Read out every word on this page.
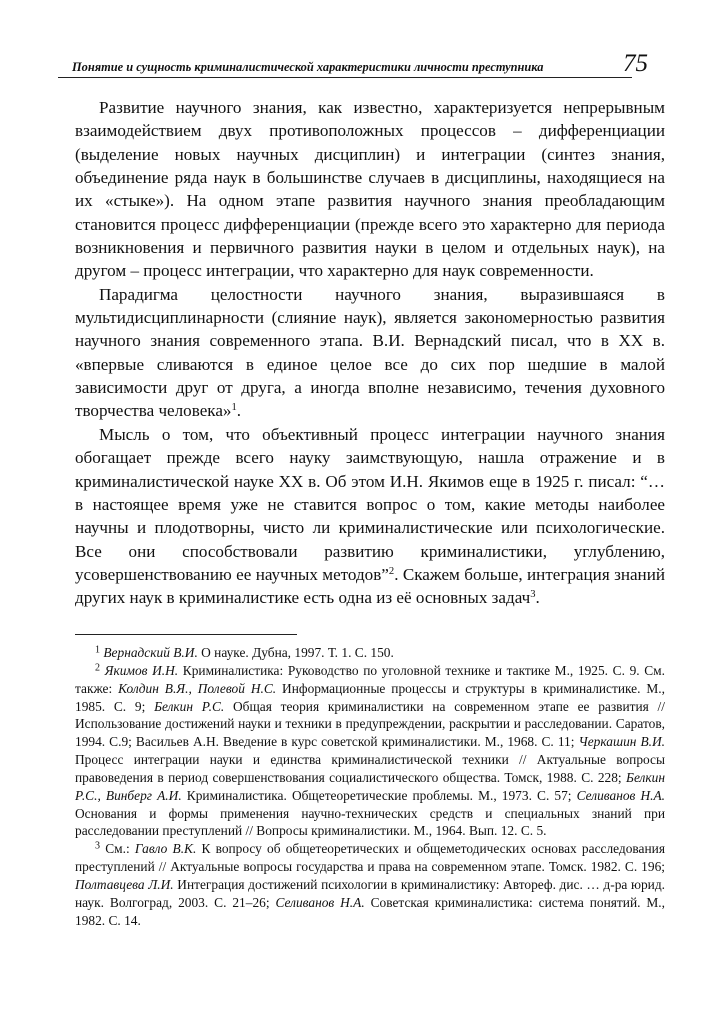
Понятие и сущность криминалистической характеристики личности преступника	75

Развитие научного знания, как известно, характеризуется непрерывным взаимодействием двух противоположных процессов – дифференциации (выделение новых научных дисциплин) и интеграции (синтез знания, объединение ряда наук в большинстве случаев в дисциплины, находящиеся на их «стыке»). На одном этапе развития научного знания преобладающим становится процесс дифференциации (прежде всего это характерно для периода возникновения и первичного развития науки в целом и отдельных наук), на другом – процесс интеграции, что характерно для наук современности.

Парадигма целостности научного знания, выразившаяся в мультидисциплинарности (слияние наук), является закономерностью развития научного знания современного этапа. В.И. Вернадский писал, что в XX в. «впервые сливаются в единое целое все до сих пор шедшие в малой зависимости друг от друга, а иногда вполне независимо, течения духовного творчества человека»$^1$.

Мысль о том, что объективный процесс интеграции научного знания обогащает прежде всего науку заимствующую, нашла отражение и в криминалистической науке XX в. Об этом И.Н. Якимов еще в 1925 г. писал: “…в настоящее время уже не ставится вопрос о том, какие методы наиболее научны и плодотворны, чисто ли криминалистические или психологические. Все они способствовали развитию криминалистики, углублению, усовершенствованию ее научных методов”$^2$. Скажем больше, интеграция знаний других наук в криминалистике есть одна из её основных задач$^3$.

$^1$ Вернадский В.И. О науке. Дубна, 1997. Т. 1. С. 150.

$^2$ Якимов И.Н. Криминалистика: Руководство по уголовной технике и тактике М., 1925. С. 9. См. также: Колдин В.Я., Полевой Н.С. Информационные процессы и структуры в криминалистике. М., 1985. С. 9; Белкин Р.С. Общая теория криминалистики на современном этапе ее развития // Использование достижений науки и техники в предупреждении, раскрытии и расследовании. Саратов, 1994. С.9; Васильев А.Н. Введение в курс советской криминалистики. М., 1968. С. 11; Черкашин В.И. Процесс интеграции науки и единства криминалистической техники // Актуальные вопросы правоведения в период совершенствования социалистического общества. Томск, 1988. С. 228; Белкин Р.С., Винберг А.И. Криминалистика. Общетеоретические проблемы. М., 1973. С. 57; Селиванов Н.А. Основания и формы применения научно-технических средств и специальных знаний при расследовании преступлений // Вопросы криминалистики. М., 1964. Вып. 12. С. 5.

$^3$ См.: Гавло В.К. К вопросу об общетеоретических и общеметодических основах расследования преступлений // Актуальные вопросы государства и права на современном этапе. Томск. 1982. С. 196; Полтавцева Л.И. Интеграция достижений психологии в криминалистику: Автореф. дис. … д-ра юрид. наук. Волгоград, 2003. С. 21–26; Селиванов Н.А. Советская криминалистика: система понятий. М., 1982. С. 14.
